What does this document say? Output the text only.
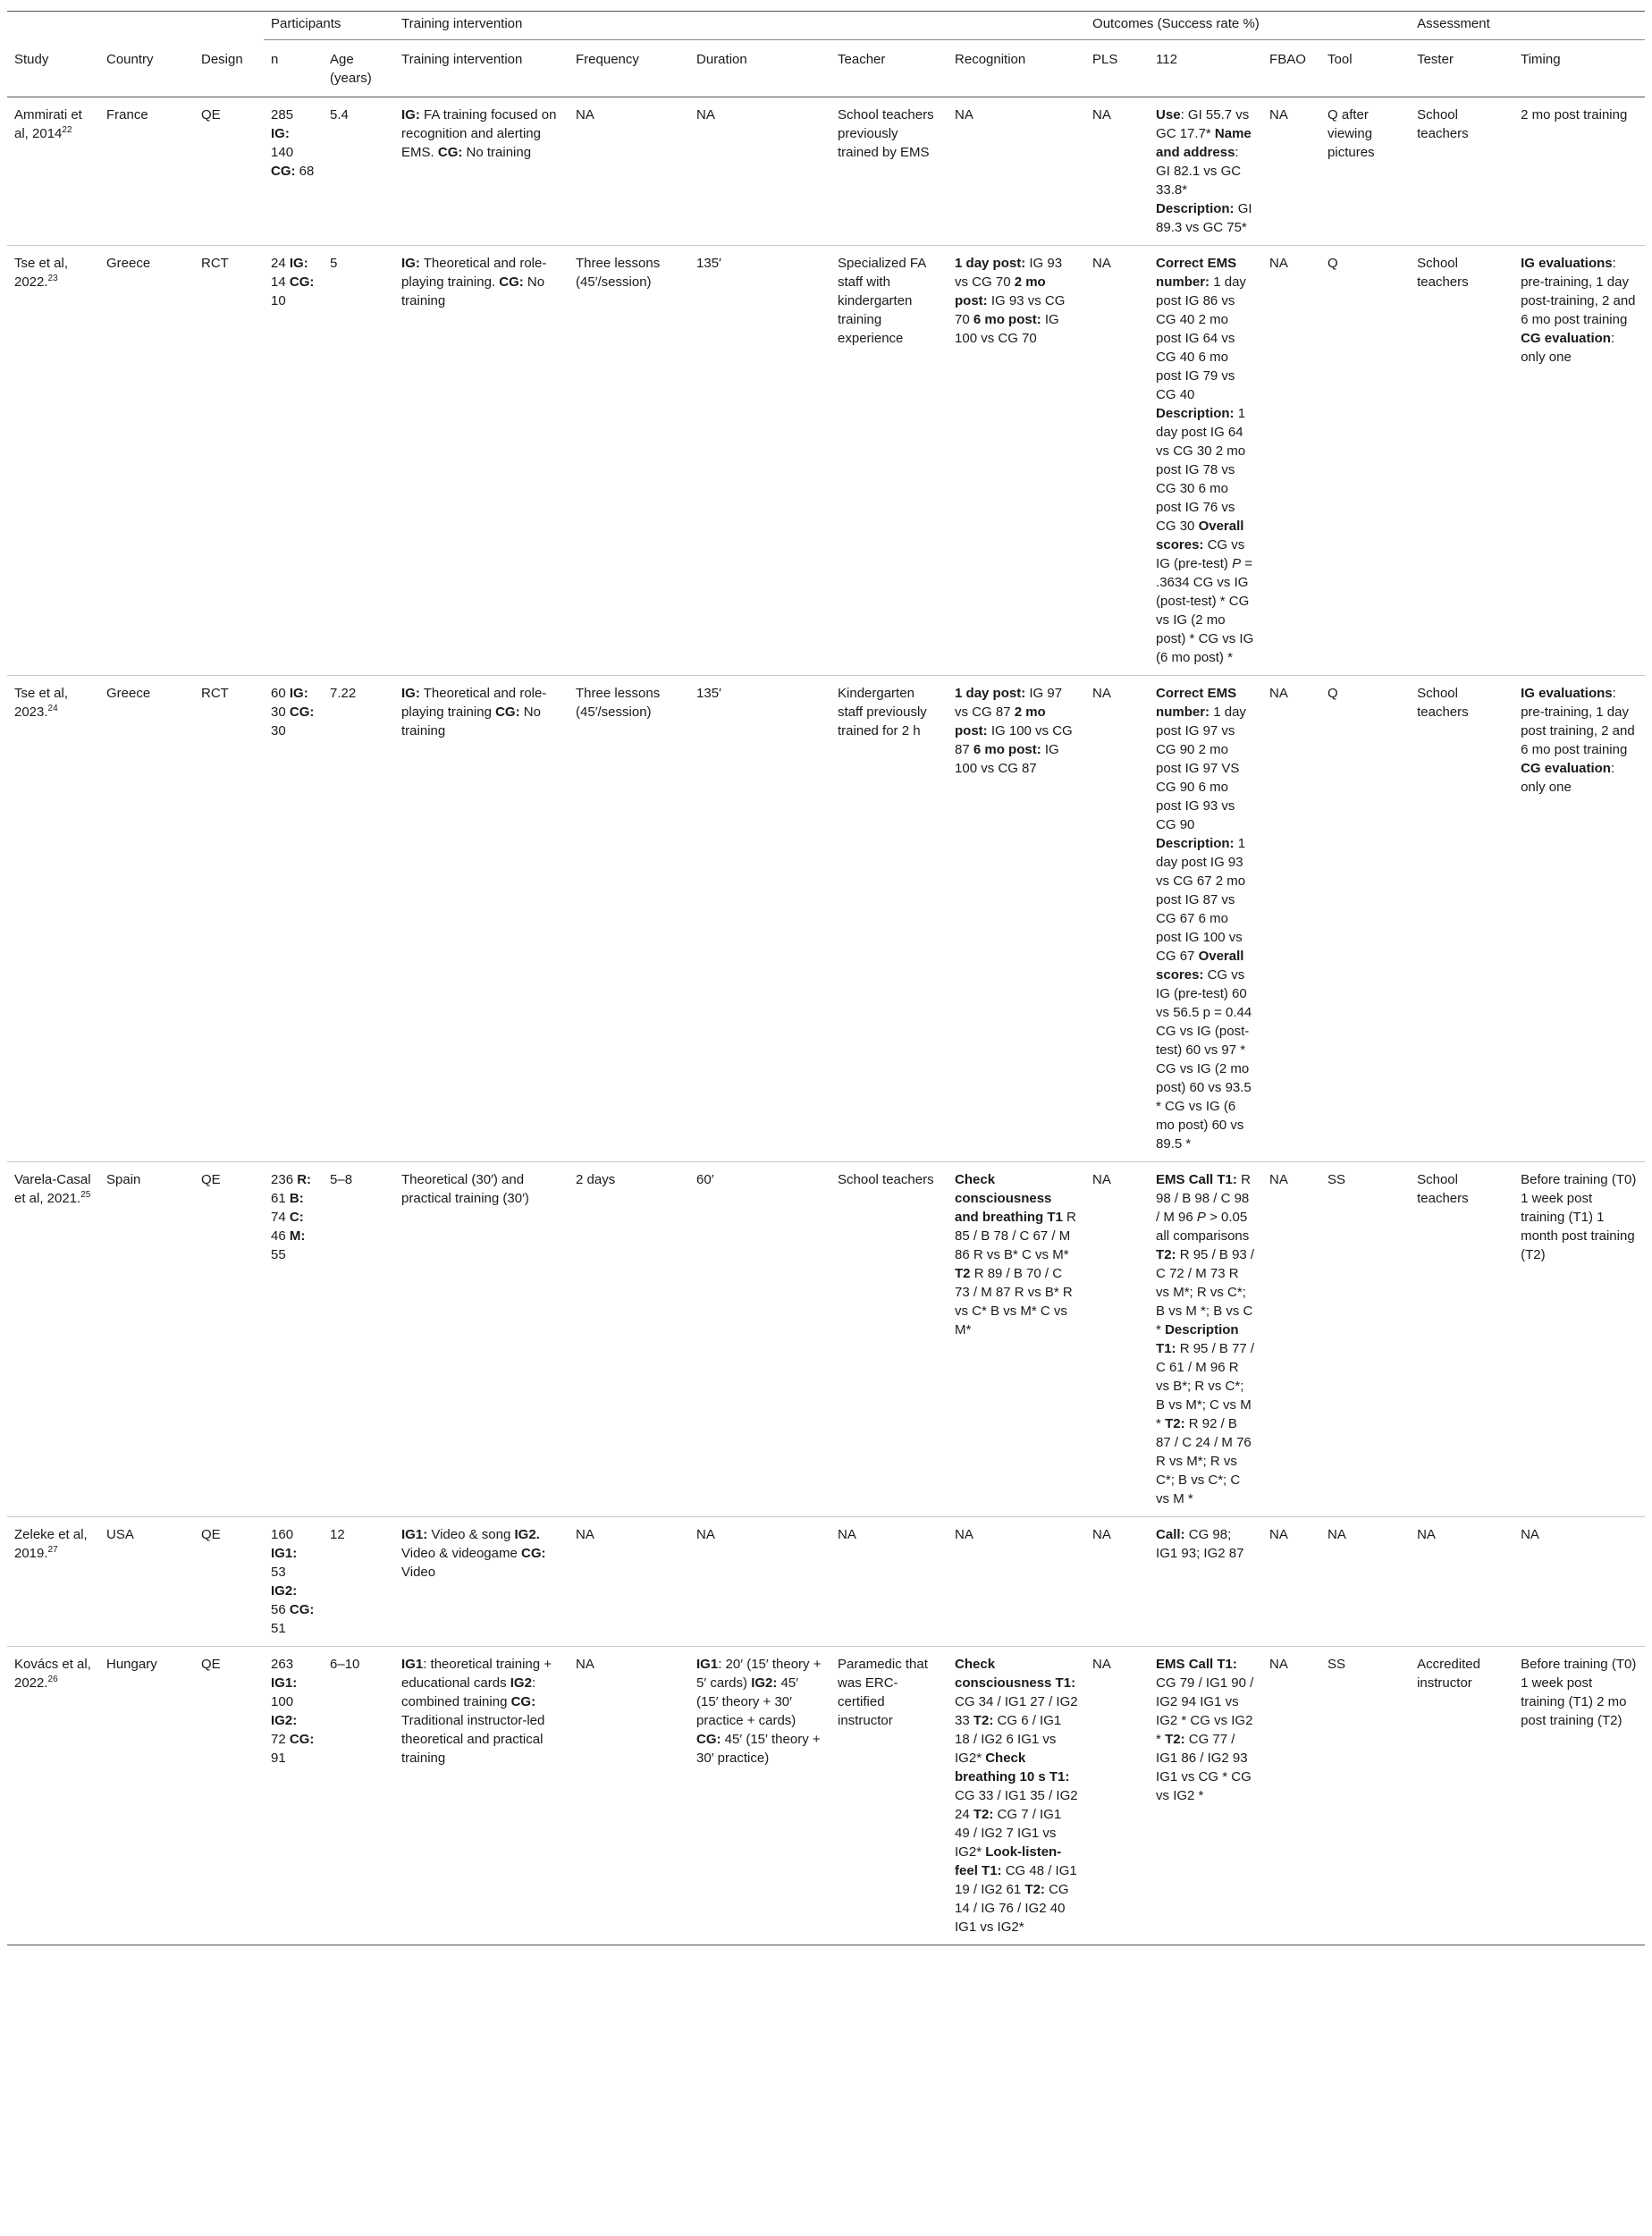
			Participants		Training intervention					Outcomes (Success rate %)				Assessment	
Study	Country	Design	n	Age (years)	Training intervention	Frequency	Duration	Teacher	Recognition	PLS	112	FBAO	Tool	Tester	Timing
Ammirati et al, 2014$^{22}$	France	QE	285 IG: 140 CG: 68	5.4	IG: FA training focused on recognition and alerting EMS. CG: No training	NA	NA	School teachers previously trained by EMS	NA	NA	Use: GI 55.7 vs GC 17.7* Name and address: GI 82.1 vs GC 33.8* Description: GI 89.3 vs GC 75*	NA	Q after viewing pictures	School teachers	2 mo post training
Tse et al, 2022.23	Greece	RCT	24 IG: 14 CG: 10	5	IG: Theoretical and role-playing training. CG: No training	Three lessons (45′/session)	135′	Specialized FA staff with kindergarten training experience	1 day post: IG 93 vs CG 70 2 mo post: IG 93 vs CG 70 6 mo post: IG 100 vs CG 70	NA	Correct EMS number: 1 day post IG 86 vs CG 40 2 mo post IG 64 vs CG 40 6 mo post IG 79 vs CG 40 Description: 1 day post IG 64 vs CG 30 2 mo post IG 78 vs CG 30 6 mo post IG 76 vs CG 30 Overall scores: CG vs IG (pre-test) P = .3634 CG vs IG (post-test) * CG vs IG (2 mo post) * CG vs IG (6 mo post) *	NA	Q	School teachers	IG evaluations: pre-training, 1 day post-training, 2 and 6 mo post training CG evaluation: only one
Tse et al, 2023.24	Greece	RCT	60 IG: 30 CG: 30	7.22	IG: Theoretical and role-playing training CG: No training	Three lessons (45′/session)	135′	Kindergarten staff previously trained for 2 h	1 day post: IG 97 vs CG 87 2 mo post: IG 100 vs CG 87 6 mo post: IG 100 vs CG 87	NA	Correct EMS number: 1 day post IG 97 vs CG 90 2 mo post IG 97 VS CG 90 6 mo post IG 93 vs CG 90 Description: 1 day post IG 93 vs CG 67 2 mo post IG 87 vs CG 67 6 mo post IG 100 vs CG 67 Overall scores: CG vs IG (pre-test) 60 vs 56.5 p = 0.44 CG vs IG (post-test) 60 vs 97 * CG vs IG (2 mo post) 60 vs 93.5 * CG vs IG (6 mo post) 60 vs 89.5 *	NA	Q	School teachers	IG evaluations: pre-training, 1 day post training, 2 and 6 mo post training CG evaluation: only one
Varela-Casal et al, 2021.25	Spain	QE	236 R: 61 B: 74 C: 46 M: 55	5–8	Theoretical (30′) and practical training (30′)	2 days	60′	School teachers	Check consciousness and breathing T1 R 85 / B 78 / C 67 / M 86 R vs B* C vs M* T2 R 89 / B 70 / C 73 / M 87 R vs B* R vs C* B vs M* C vs M*	NA	EMS Call T1: R 98 / B 98 / C 98 / M 96 P > 0.05 all comparisons T2: R 95 / B 93 / C 72 / M 73 R vs M*; R vs C*; B vs M *; B vs C * Description T1: R 95 / B 77 / C 61 / M 96 R vs B*; R vs C*; B vs M*; C vs M * T2: R 92 / B 87 / C 24 / M 76 R vs M*; R vs C*; B vs C*; C vs M *	NA	SS	School teachers	Before training (T0) 1 week post training (T1) 1 month post training (T2)
Zeleke et al, 2019.27	USA	QE	160 IG1: 53 IG2: 56 CG: 51	12	IG1: Video & song IG2. Video & videogame CG: Video	NA	NA	NA	NA	NA	Call: CG 98; IG1 93; IG2 87	NA	NA	NA	NA
Kovács et al, 2022.26	Hungary	QE	263 IG1: 100 IG2: 72 CG: 91	6–10	IG1: theoretical training + educational cards IG2: combined training CG: Traditional instructor-led theoretical and practical training	NA	IG1: 20′ (15′ theory + 5′ cards) IG2: 45′ (15′ theory + 30′ practice + cards) CG: 45′ (15′ theory + 30′ practice)	Paramedic that was ERC-certified instructor	Check consciousness T1: CG 34 / IG1 27 / IG2 33 T2: CG 6 / IG1 18 / IG2 6 IG1 vs IG2* Check breathing 10 s T1: CG 33 / IG1 35 / IG2 24 T2: CG 7 / IG1 49 / IG2 7 IG1 vs IG2* Look-listen-feel T1: CG 48 / IG1 19 / IG2 61 T2: CG 14 / IG 76 / IG2 40 IG1 vs IG2*	NA	EMS Call T1: CG 79 / IG1 90 / IG2 94 IG1 vs IG2 * CG vs IG2 * T2: CG 77 / IG1 86 / IG2 93 IG1 vs CG * CG vs IG2 *	NA	SS	Accredited instructor	Before training (T0) 1 week post training (T1) 2 mo post training (T2)
